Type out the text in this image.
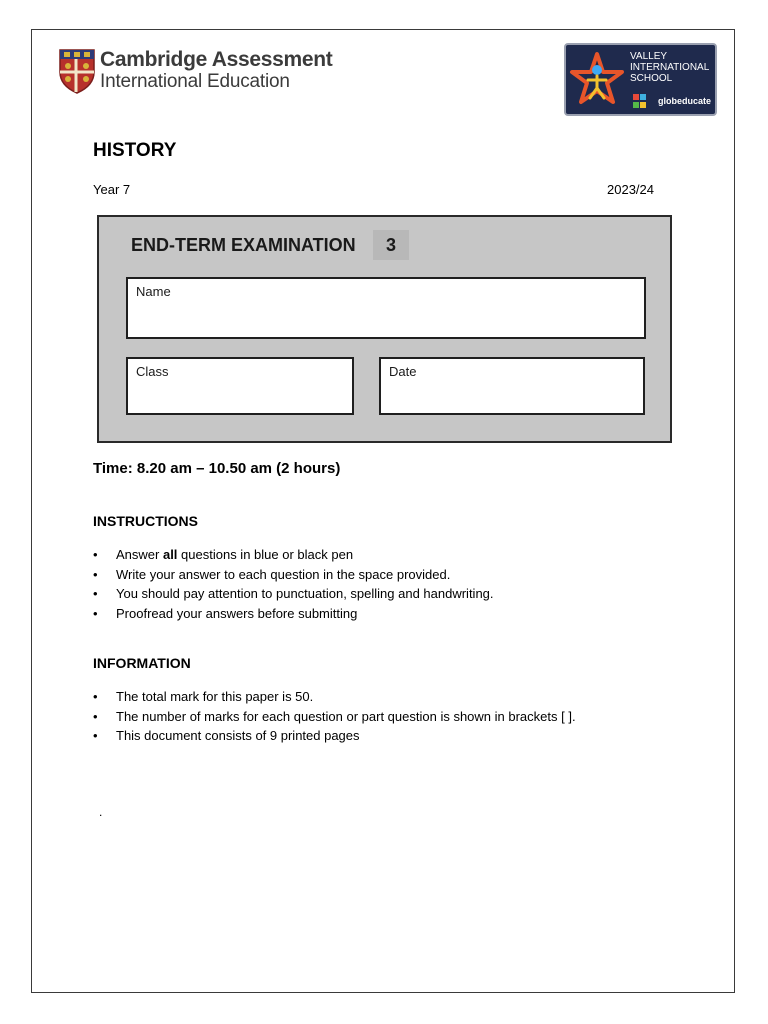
Cambridge Assessment
International Education
VALLEY INTERNATIONAL SCHOOL
globeducate
HISTORY
Year 7	2023/24
END-TERM EXAMINATION	3
Name
Class	Date
Time: 8.20 am – 10.50 am (2 hours)
INSTRUCTIONS
• Answer all questions in blue or black pen
• Write your answer to each question in the space provided.
• You should pay attention to punctuation, spelling and handwriting.
• Proofread your answers before submitting
INFORMATION
• The total mark for this paper is 50.
• The number of marks for each question or part question is shown in brackets [ ].
• This document consists of 9 printed pages
.
